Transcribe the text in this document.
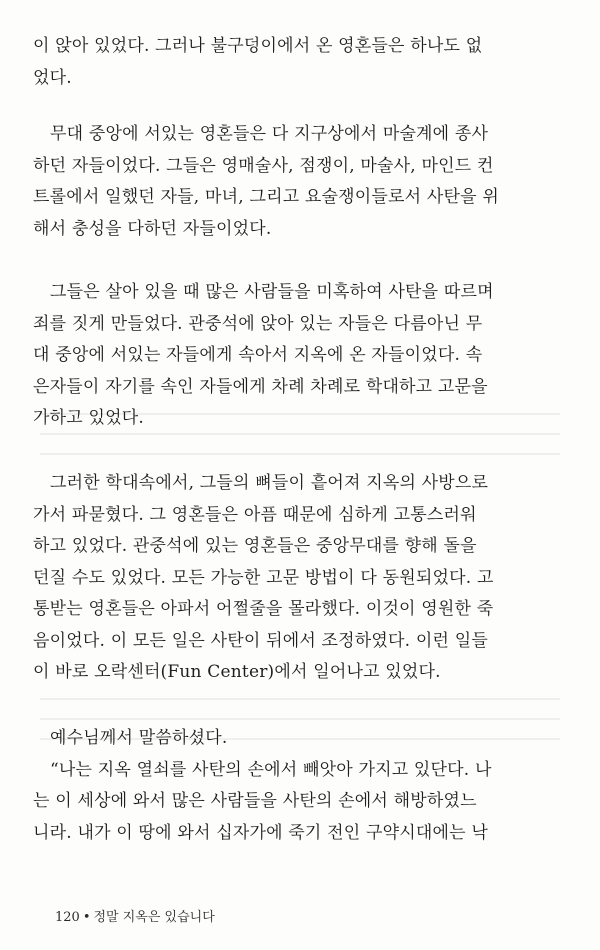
이 앉아 있었다. 그러나 불구덩이에서 온 영혼들은 하나도 없
었다.
무대 중앙에 서있는 영혼들은 다 지구상에서 마술계에 종사
하던 자들이었다. 그들은 영매술사, 점쟁이, 마술사, 마인드 컨
트롤에서 일했던 자들, 마녀, 그리고 요술쟁이들로서 사탄을 위
해서 충성을 다하던 자들이었다.
그들은 살아 있을 때 많은 사람들을 미혹하여 사탄을 따르며
죄를 짓게 만들었다. 관중석에 앉아 있는 자들은 다름아닌 무
대 중앙에 서있는 자들에게 속아서 지옥에 온 자들이었다. 속
은자들이 자기를 속인 자들에게 차례 차례로 학대하고 고문을
가하고 있었다.
그러한 학대속에서, 그들의 뼈들이 흩어져 지옥의 사방으로
가서 파묻혔다. 그 영혼들은 아픔 때문에 심하게 고통스러워
하고 있었다. 관중석에 있는 영혼들은 중앙무대를 향해 돌을
던질 수도 있었다. 모든 가능한 고문 방법이 다 동원되었다. 고
통받는 영혼들은 아파서 어쩔줄을 몰라했다. 이것이 영원한 죽
음이었다. 이 모든 일은 사탄이 뒤에서 조정하였다. 이런 일들
이 바로 오락센터(Fun Center)에서 일어나고 있었다.
예수님께서 말씀하셨다.
“나는 지옥 열쇠를 사탄의 손에서 빼앗아 가지고 있단다. 나
는 이 세상에 와서 많은 사람들을 사탄의 손에서 해방하였느
니라. 내가 이 땅에 와서 십자가에 죽기 전인 구약시대에는 낙
120 • 정말 지옥은 있습니다
